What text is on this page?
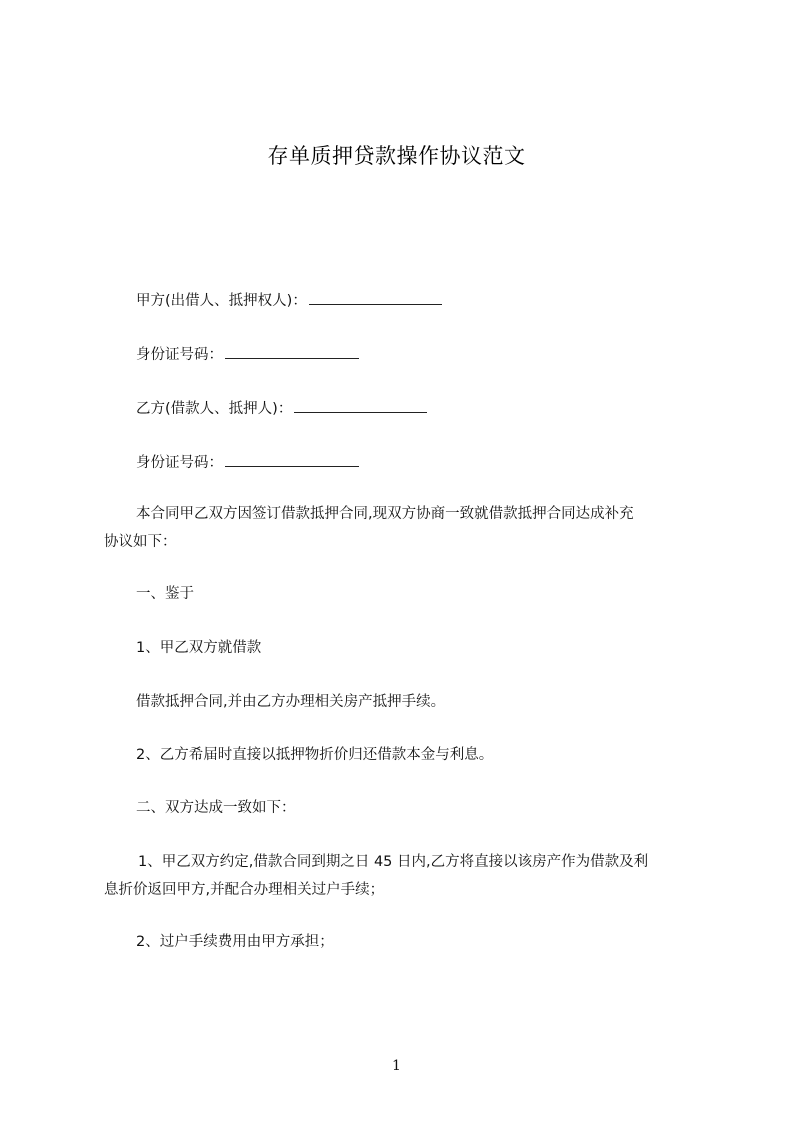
存单质押贷款操作协议范文
甲方(出借人、抵押权人)：
身份证号码：
乙方(借款人、抵押人)：
身份证号码：
本合同甲乙双方因签订借款抵押合同,现双方协商一致就借款抵押合同达成补充
协议如下：
一、鉴于
1、甲乙双方就借款
借款抵押合同,并由乙方办理相关房产抵押手续。
2、乙方希届时直接以抵押物折价归还借款本金与利息。
二、双方达成一致如下：
1、甲乙双方约定,借款合同到期之日 45 日内,乙方将直接以该房产作为借款及利
息折价返回甲方,并配合办理相关过户手续；
2、过户手续费用由甲方承担；
1
